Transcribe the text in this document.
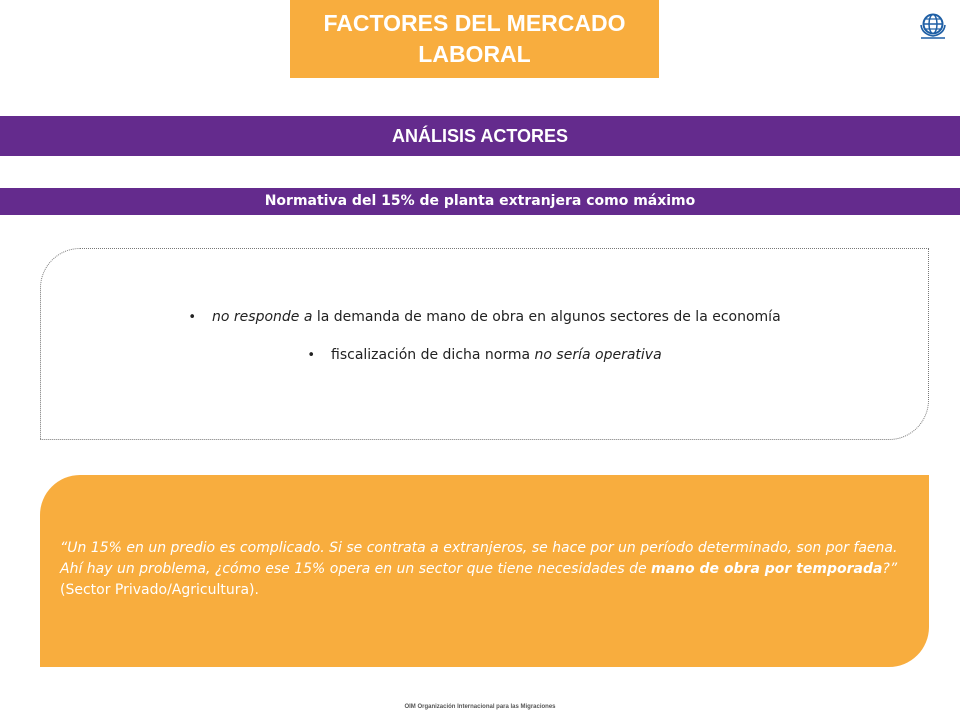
FACTORES DEL MERCADO
LABORAL
ANÁLISIS ACTORES
Normativa del 15% de planta extranjera como máximo
• no responde a la demanda de mano de obra en algunos sectores de la economía
• fiscalización de dicha norma no sería operativa
“Un 15% en un predio es complicado. Si se contrata a extranjeros, se hace por un período determinado, son por faena. Ahí hay un problema, ¿cómo ese 15% opera en un sector que tiene necesidades de mano de obra por temporada?” (Sector Privado/Agricultura).
OIM Organización Internacional para las Migraciones
